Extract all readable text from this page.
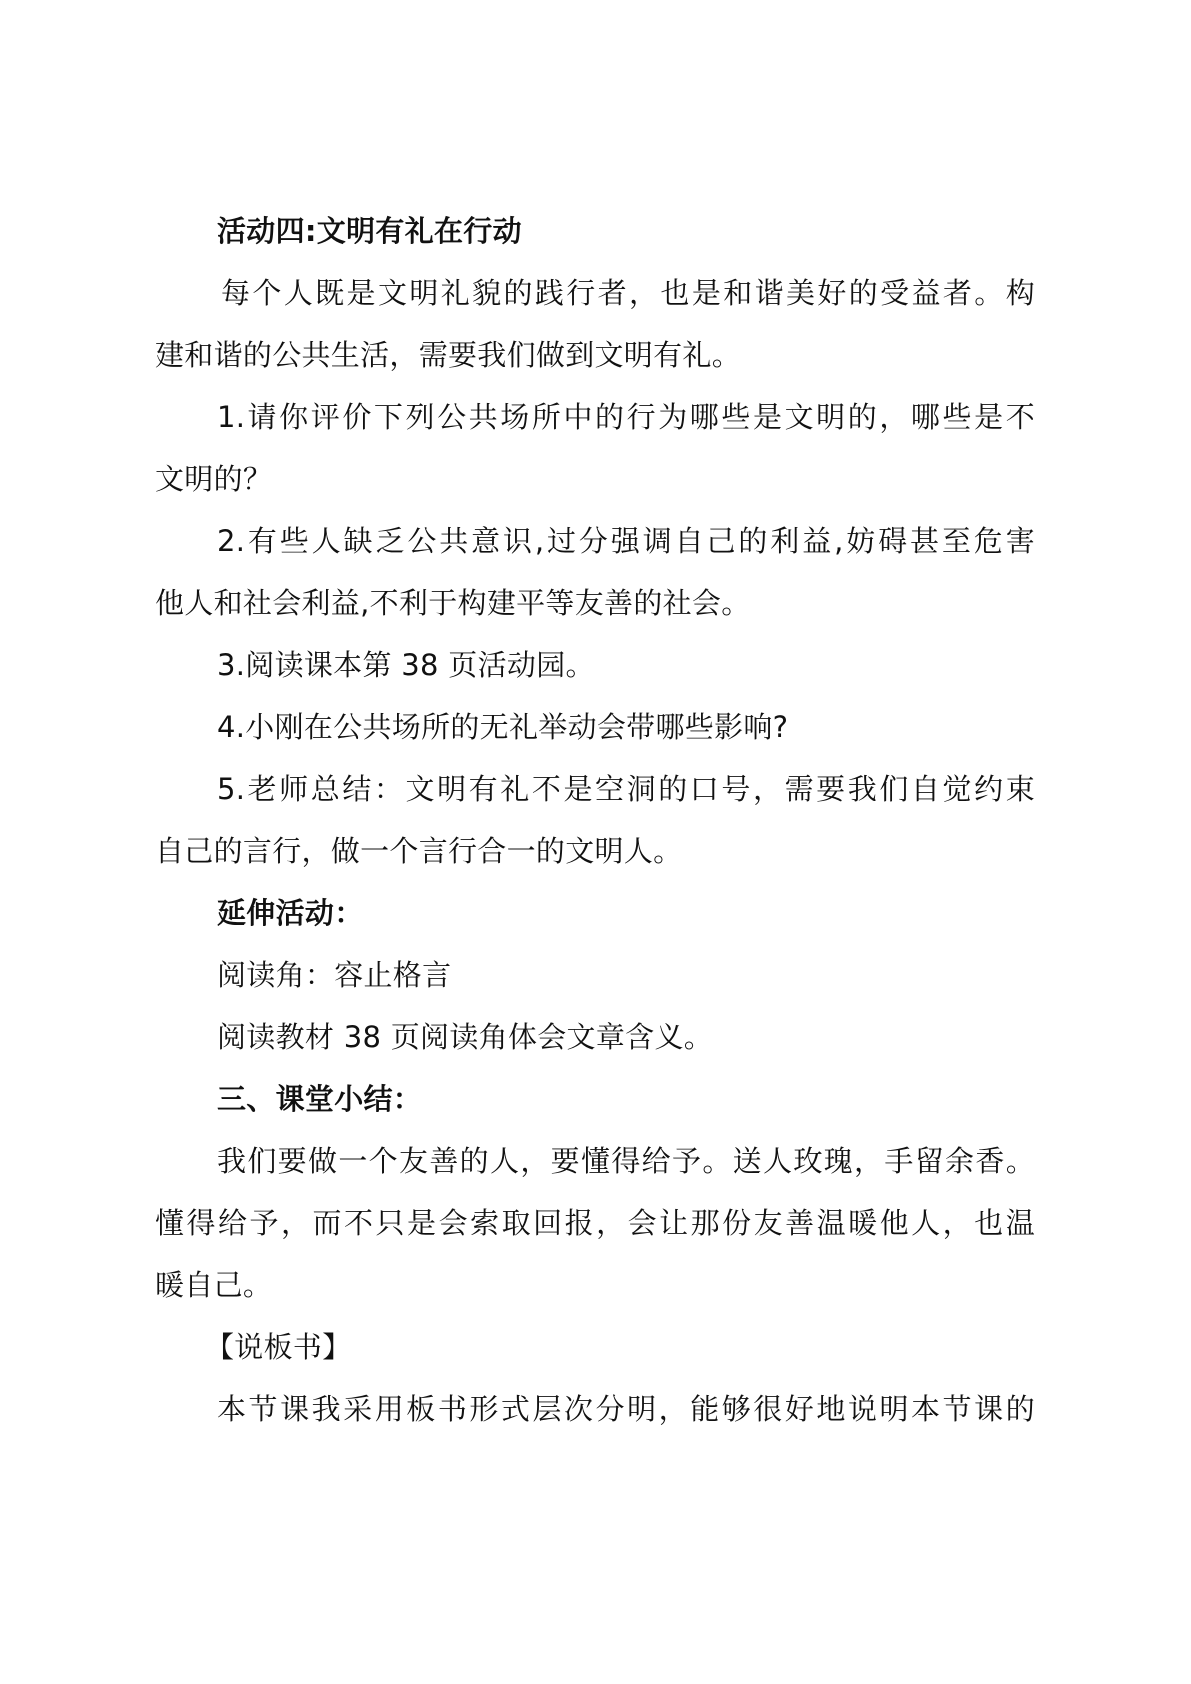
活动四:文明有礼在行动
每个人既是文明礼貌的践行者，也是和谐美好的受益者。构
建和谐的公共生活，需要我们做到文明有礼。
1.请你评价下列公共场所中的行为哪些是文明的，哪些是不
文明的？
2.有些人缺乏公共意识,过分强调自己的利益,妨碍甚至危害
他人和社会利益,不利于构建平等友善的社会。
3.阅读课本第 38 页活动园。
4.小刚在公共场所的无礼举动会带哪些影响?
5.老师总结：文明有礼不是空洞的口号，需要我们自觉约束
自己的言行，做一个言行合一的文明人。
延伸活动：
阅读角：容止格言
阅读教材 38 页阅读角体会文章含义。
三、课堂小结：
我们要做一个友善的人，要懂得给予。送人玫瑰，手留余香。
懂得给予，而不只是会索取回报，会让那份友善温暖他人，也温
暖自己。
【说板书】
本节课我采用板书形式层次分明，能够很好地说明本节课的
